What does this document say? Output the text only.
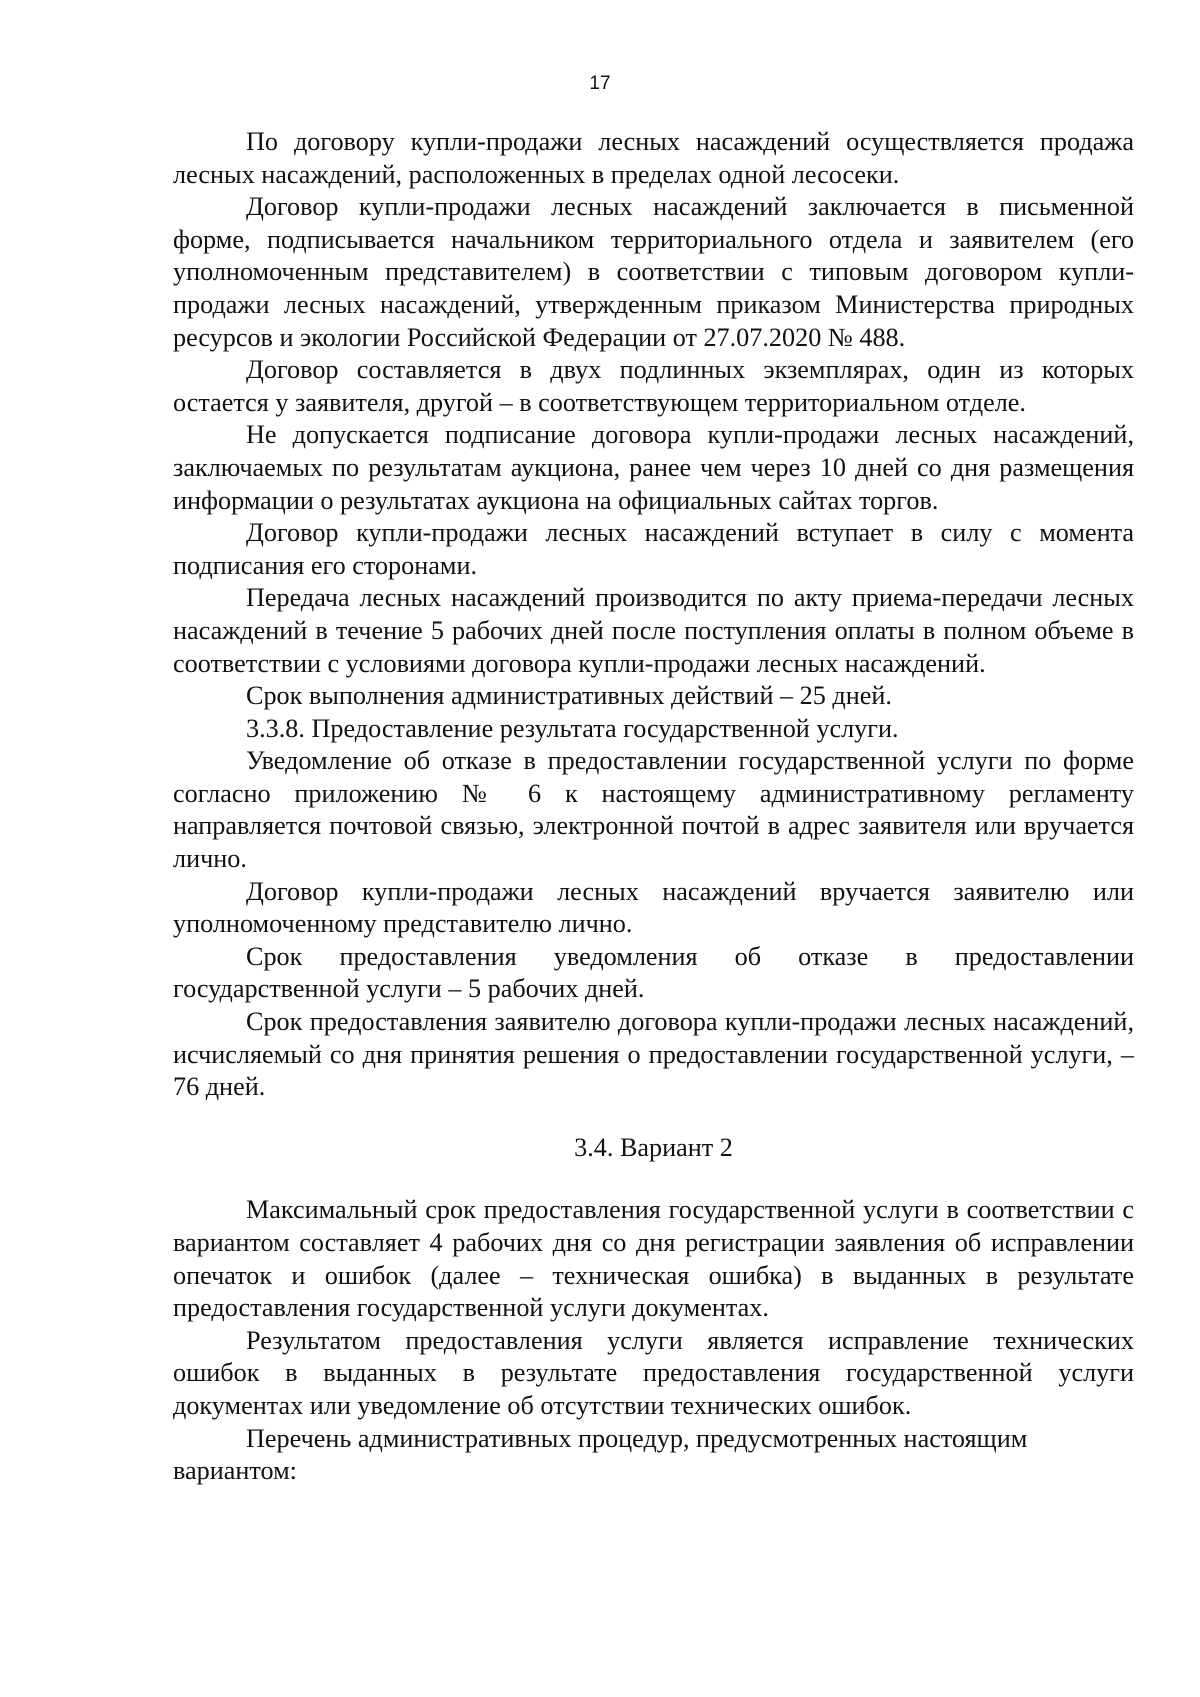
17

По договору купли-продажи лесных насаждений осуществляется продажа лесных насаждений, расположенных в пределах одной лесосеки.

Договор купли-продажи лесных насаждений заключается в письменной форме, подписывается начальником территориального отдела и заявителем (его уполномоченным представителем) в соответствии с типовым договором купли-продажи лесных насаждений, утвержденным приказом Министерства природных ресурсов и экологии Российской Федерации от 27.07.2020 № 488.

Договор составляется в двух подлинных экземплярах, один из которых остается у заявителя, другой – в соответствующем территориальном отделе.

Не допускается подписание договора купли-продажи лесных насаждений, заключаемых по результатам аукциона, ранее чем через 10 дней со дня размещения информации о результатах аукциона на официальных сайтах торгов.

Договор купли-продажи лесных насаждений вступает в силу с момента подписания его сторонами.

Передача лесных насаждений производится по акту приема-передачи лесных насаждений в течение 5 рабочих дней после поступления оплаты в полном объеме в соответствии с условиями договора купли-продажи лесных насаждений.

Срок выполнения административных действий – 25 дней.

3.3.8. Предоставление результата государственной услуги.

Уведомление об отказе в предоставлении государственной услуги по форме согласно приложению № 6 к настоящему административному регламенту направляется почтовой связью, электронной почтой в адрес заявителя или вручается лично.

Договор купли-продажи лесных насаждений вручается заявителю или уполномоченному представителю лично.

Срок предоставления уведомления об отказе в предоставлении государственной услуги – 5 рабочих дней.

Срок предоставления заявителю договора купли-продажи лесных насаждений, исчисляемый со дня принятия решения о предоставлении государственной услуги, – 76 дней.

3.4. Вариант 2

Максимальный срок предоставления государственной услуги в соответствии с вариантом составляет 4 рабочих дня со дня регистрации заявления об исправлении опечаток и ошибок (далее – техническая ошибка) в выданных в результате предоставления государственной услуги документах.

Результатом предоставления услуги является исправление технических ошибок в выданных в результате предоставления государственной услуги документах или уведомление об отсутствии технических ошибок.

Перечень административных процедур, предусмотренных настоящим вариантом:
